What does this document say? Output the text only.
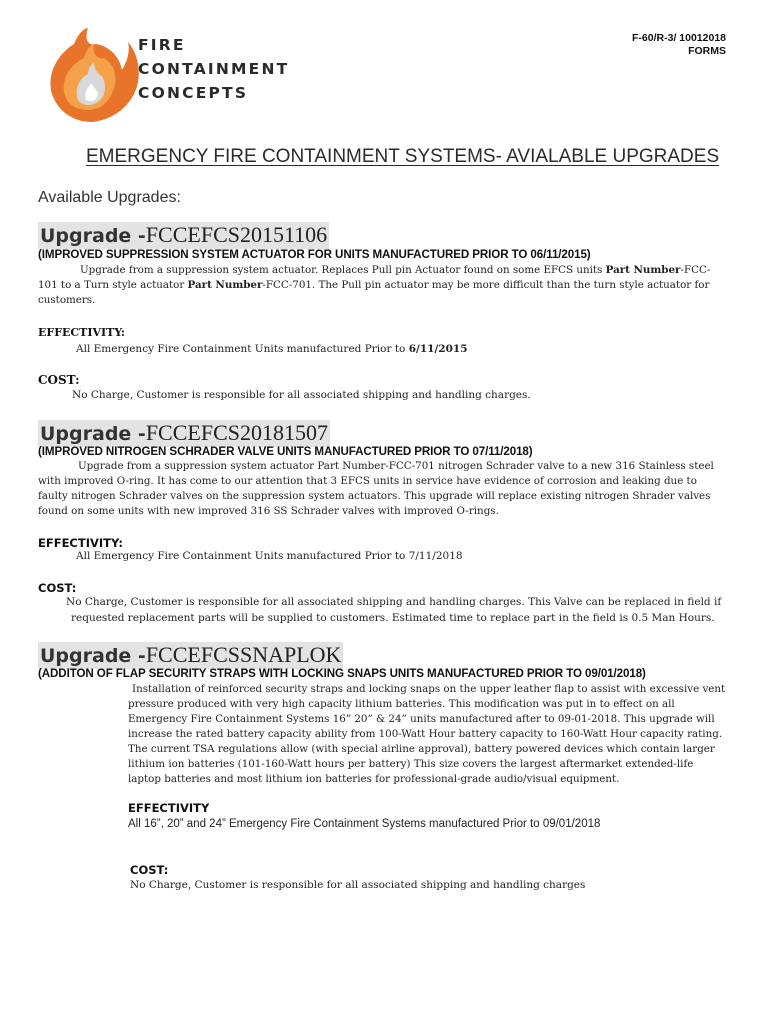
FIRE
CONTAINMENT
CONCEPTS
F-60/R-3/ 10012018
FORMS
EMERGENCY FIRE CONTAINMENT SYSTEMS- AVIALABLE UPGRADES
Available Upgrades:
Upgrade -FCCEFCS20151106
(IMPROVED SUPPRESSION SYSTEM ACTUATOR FOR UNITS MANUFACTURED PRIOR TO 06/11/2015)
Upgrade from a suppression system actuator. Replaces Pull pin Actuator found on some EFCS units Part Number-FCC-101 to a Turn style actuator Part Number-FCC-701. The Pull pin actuator may be more difficult than the turn style actuator for customers.
EFFECTIVITY:
All Emergency Fire Containment Units manufactured Prior to 6/11/2015
COST:
No Charge, Customer is responsible for all associated shipping and handling charges.
Upgrade -FCCEFCS20181507
(IMPROVED NITROGEN SCHRADER VALVE UNITS MANUFACTURED PRIOR TO 07/11/2018)
Upgrade from a suppression system actuator Part Number-FCC-701 nitrogen Schrader valve to a new 316 Stainless steel with improved O-ring. It has come to our attention that 3 EFCS units in service have evidence of corrosion and leaking due to faulty nitrogen Schrader valves on the suppression system actuators. This upgrade will replace existing nitrogen Shrader valves found on some units with new improved 316 SS Schrader valves with improved O-rings.
EFFECTIVITY:
All Emergency Fire Containment Units manufactured Prior to 7/11/2018
COST:
No Charge, Customer is responsible for all associated shipping and handling charges. This Valve can be replaced in field if
requested replacement parts will be supplied to customers. Estimated time to replace part in the field is 0.5 Man Hours.
Upgrade -FCCEFCSSNAPLOK
(ADDITON OF FLAP SECURITY STRAPS WITH LOCKING SNAPS UNITS MANUFACTURED PRIOR TO 09/01/2018)
Installation of reinforced security straps and locking snaps on the upper leather flap to assist with excessive vent pressure produced with very high capacity lithium batteries. This modification was put in to effect on all Emergency Fire Containment Systems 16” 20” & 24” units manufactured after to 09-01-2018. This upgrade will increase the rated battery capacity ability from 100-Watt Hour battery capacity to 160-Watt Hour capacity rating. The current TSA regulations allow (with special airline approval), battery powered devices which contain larger lithium ion batteries (101-160-Watt hours per battery) This size covers the largest aftermarket extended-life laptop batteries and most lithium ion batteries for professional-grade audio/visual equipment.
EFFECTIVITY
All 16”, 20” and 24” Emergency Fire Containment Systems manufactured Prior to 09/01/2018
COST:
No Charge, Customer is responsible for all associated shipping and handling charges
